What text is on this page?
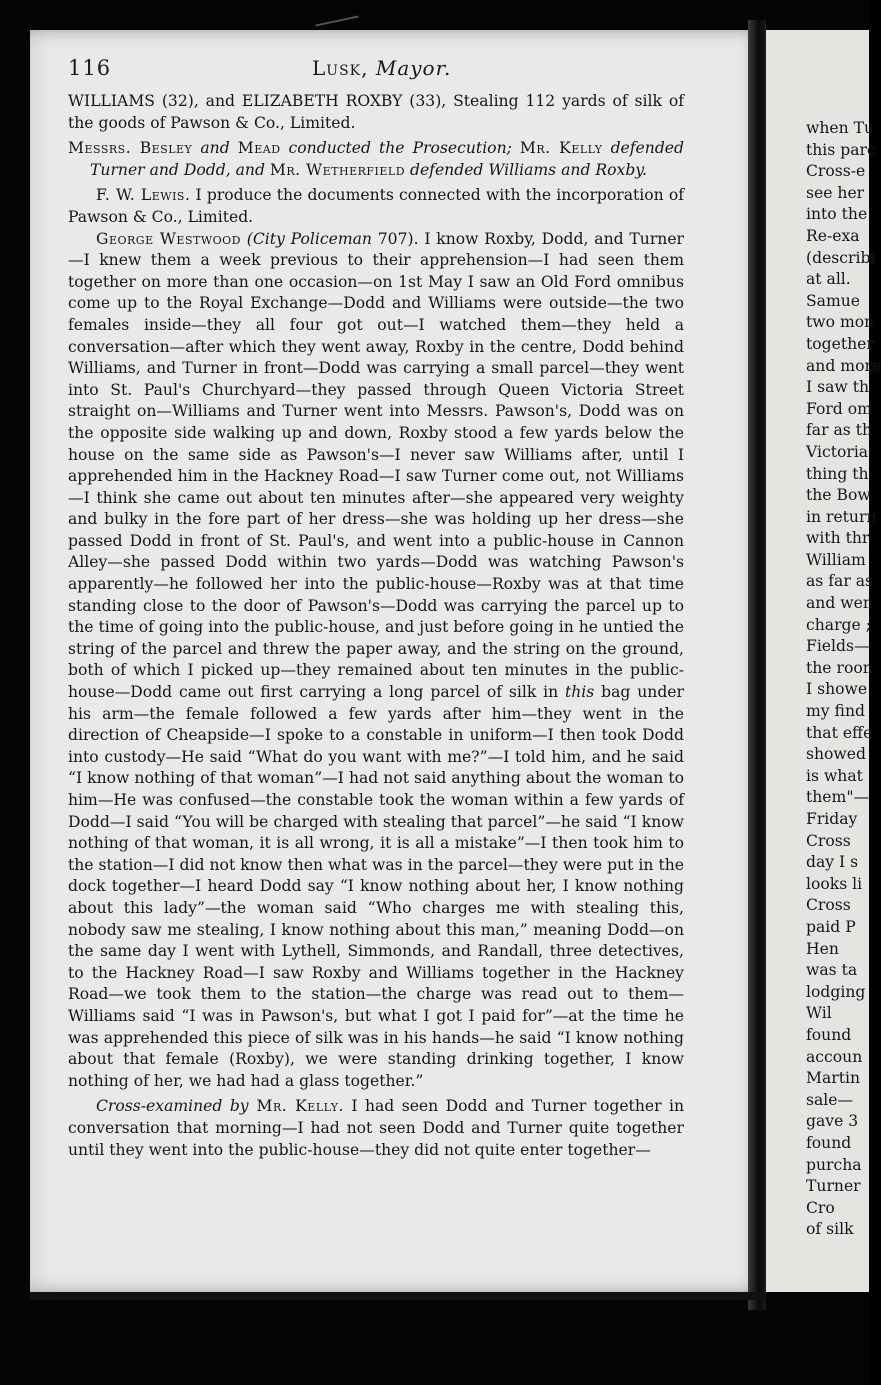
when Tu
this parc
Cross-e
see her
into the
Re-exa
(describi
at all.
Samue
two mon
together
and more
I saw th
Ford om
far as th
Victoria
thing th
the Bow
in return
with thr
William
as far as
and wen
charge ;
Fields—
the roon
I showe
my find
that effe
showed
is what
them"—
Friday
Cross
day I s
looks li
Cross
paid P
Hen
was ta
lodging
Wil
found
accoun
Martin
sale—
gave 3
found
purcha
Turner
Cro
of silk
116	Lusk, Mayor.

WILLIAMS (32), and ELIZABETH ROXBY (33), Stealing 112 yards of silk of the goods of Pawson & Co., Limited.

Messrs. Besley and Mead conducted the Prosecution; Mr. Kelly defended Turner and Dodd, and Mr. Wetherfield defended Williams and Roxby.

F. W. Lewis. I produce the documents connected with the incorporation of Pawson & Co., Limited.

George Westwood (City Policeman 707). I know Roxby, Dodd, and Turner—I knew them a week previous to their apprehension—I had seen them together on more than one occasion—on 1st May I saw an Old Ford omnibus come up to the Royal Exchange—Dodd and Williams were outside—the two females inside—they all four got out—I watched them—they held a conversation—after which they went away, Roxby in the centre, Dodd behind Williams, and Turner in front—Dodd was carrying a small parcel—they went into St. Paul's Churchyard—they passed through Queen Victoria Street straight on—Williams and Turner went into Messrs. Pawson's, Dodd was on the opposite side walking up and down, Roxby stood a few yards below the house on the same side as Pawson's—I never saw Williams after, until I apprehended him in the Hackney Road—I saw Turner come out, not Williams—I think she came out about ten minutes after—she appeared very weighty and bulky in the fore part of her dress—she was holding up her dress—she passed Dodd in front of St. Paul's, and went into a public-house in Cannon Alley—she passed Dodd within two yards—Dodd was watching Pawson's apparently—he followed her into the public-house—Roxby was at that time standing close to the door of Pawson's—Dodd was carrying the parcel up to the time of going into the public-house, and just before going in he untied the string of the parcel and threw the paper away, and the string on the ground, both of which I picked up—they remained about ten minutes in the public-house—Dodd came out first carrying a long parcel of silk in this bag under his arm—the female followed a few yards after him—they went in the direction of Cheapside—I spoke to a constable in uniform—I then took Dodd into custody—He said “What do you want with me?”—I told him, and he said “I know nothing of that woman”—I had not said anything about the woman to him—He was confused—the constable took the woman within a few yards of Dodd—I said “You will be charged with stealing that parcel”—he said “I know nothing of that woman, it is all wrong, it is all a mistake”—I then took him to the station—I did not know then what was in the parcel—they were put in the dock together—I heard Dodd say “I know nothing about her, I know nothing about this lady”—the woman said “Who charges me with stealing this, nobody saw me stealing, I know nothing about this man,” meaning Dodd—on the same day I went with Lythell, Simmonds, and Randall, three detectives, to the Hackney Road—I saw Roxby and Williams together in the Hackney Road—we took them to the station—the charge was read out to them—Williams said “I was in Pawson's, but what I got I paid for”—at the time he was apprehended this piece of silk was in his hands—he said “I know nothing about that female (Roxby), we were standing drinking together, I know nothing of her, we had had a glass together.”

Cross-examined by Mr. Kelly. I had seen Dodd and Turner together in conversation that morning—I had not seen Dodd and Turner quite together until they went into the public-house—they did not quite enter together—
